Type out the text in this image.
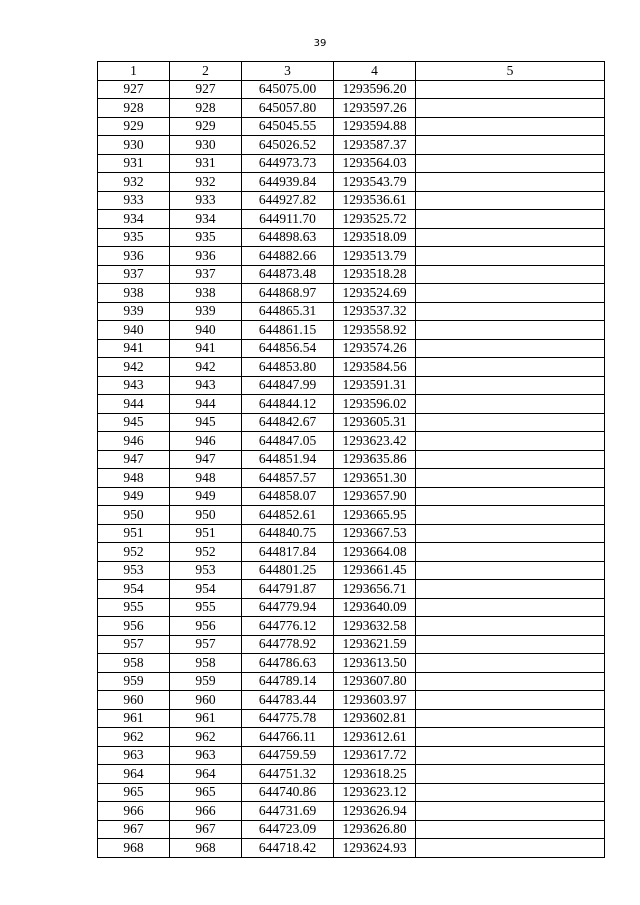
39
1	2	3	4	5
927	927	645075.00	1293596.20	
928	928	645057.80	1293597.26	
929	929	645045.55	1293594.88	
930	930	645026.52	1293587.37	
931	931	644973.73	1293564.03	
932	932	644939.84	1293543.79	
933	933	644927.82	1293536.61	
934	934	644911.70	1293525.72	
935	935	644898.63	1293518.09	
936	936	644882.66	1293513.79	
937	937	644873.48	1293518.28	
938	938	644868.97	1293524.69	
939	939	644865.31	1293537.32	
940	940	644861.15	1293558.92	
941	941	644856.54	1293574.26	
942	942	644853.80	1293584.56	
943	943	644847.99	1293591.31	
944	944	644844.12	1293596.02	
945	945	644842.67	1293605.31	
946	946	644847.05	1293623.42	
947	947	644851.94	1293635.86	
948	948	644857.57	1293651.30	
949	949	644858.07	1293657.90	
950	950	644852.61	1293665.95	
951	951	644840.75	1293667.53	
952	952	644817.84	1293664.08	
953	953	644801.25	1293661.45	
954	954	644791.87	1293656.71	
955	955	644779.94	1293640.09	
956	956	644776.12	1293632.58	
957	957	644778.92	1293621.59	
958	958	644786.63	1293613.50	
959	959	644789.14	1293607.80	
960	960	644783.44	1293603.97	
961	961	644775.78	1293602.81	
962	962	644766.11	1293612.61	
963	963	644759.59	1293617.72	
964	964	644751.32	1293618.25	
965	965	644740.86	1293623.12	
966	966	644731.69	1293626.94	
967	967	644723.09	1293626.80	
968	968	644718.42	1293624.93	
